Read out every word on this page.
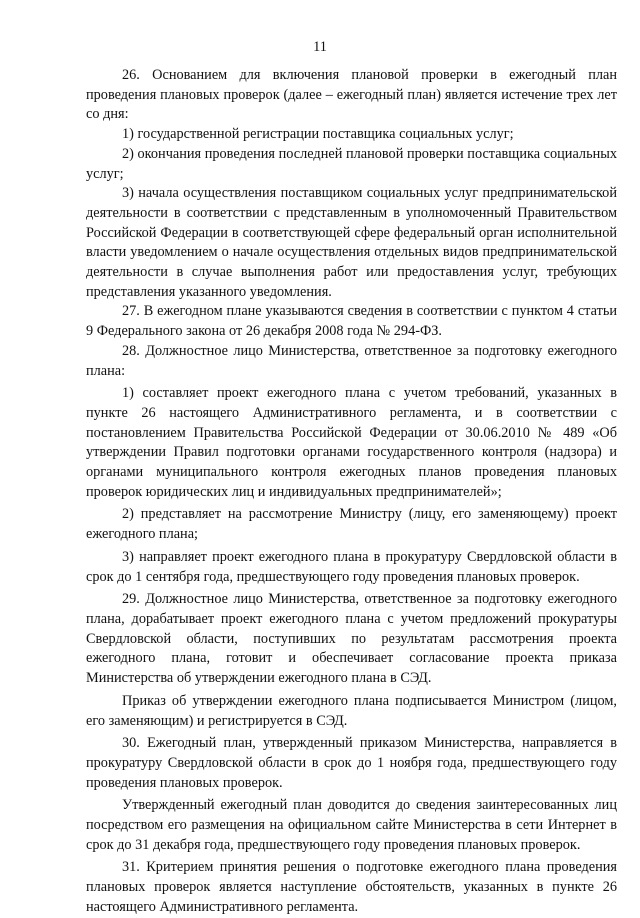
11

26. Основанием для включения плановой проверки в ежегодный план проведения плановых проверок (далее – ежегодный план) является истечение трех лет со дня:

1) государственной регистрации поставщика социальных услуг;

2) окончания проведения последней плановой проверки поставщика социальных услуг;

3) начала осуществления поставщиком социальных услуг предпринимательской деятельности в соответствии с представленным в уполномоченный Правительством Российской Федерации в соответствующей сфере федеральный орган исполнительной власти уведомлением о начале осуществления отдельных видов предпринимательской деятельности в случае выполнения работ или предоставления услуг, требующих представления указанного уведомления.

27. В ежегодном плане указываются сведения в соответствии с пунктом 4 статьи 9 Федерального закона от 26 декабря 2008 года № 294-ФЗ.

28. Должностное лицо Министерства, ответственное за подготовку ежегодного плана:

1) составляет проект ежегодного плана с учетом требований, указанных в пункте 26 настоящего Административного регламента, и в соответствии с постановлением Правительства Российской Федерации от 30.06.2010 № 489 «Об утверждении Правил подготовки органами государственного контроля (надзора) и органами муниципального контроля ежегодных планов проведения плановых проверок юридических лиц и индивидуальных предпринимателей»;

2) представляет на рассмотрение Министру (лицу, его заменяющему) проект ежегодного плана;

3) направляет проект ежегодного плана в прокуратуру Свердловской области в срок до 1 сентября года, предшествующего году проведения плановых проверок.

29. Должностное лицо Министерства, ответственное за подготовку ежегодного плана, дорабатывает проект ежегодного плана с учетом предложений прокуратуры Свердловской области, поступивших по результатам рассмотрения проекта ежегодного плана, готовит и обеспечивает согласование проекта приказа Министерства об утверждении ежегодного плана в СЭД.

Приказ об утверждении ежегодного плана подписывается Министром (лицом, его заменяющим) и регистрируется в СЭД.

30. Ежегодный план, утвержденный приказом Министерства, направляется в прокуратуру Свердловской области в срок до 1 ноября года, предшествующего году проведения плановых проверок.

Утвержденный ежегодный план доводится до сведения заинтересованных лиц посредством его размещения на официальном сайте Министерства в сети Интернет в срок до 31 декабря года, предшествующего году проведения плановых проверок.

31. Критерием принятия решения о подготовке ежегодного плана проведения плановых проверок является наступление обстоятельств, указанных в пункте 26 настоящего Административного регламента.
